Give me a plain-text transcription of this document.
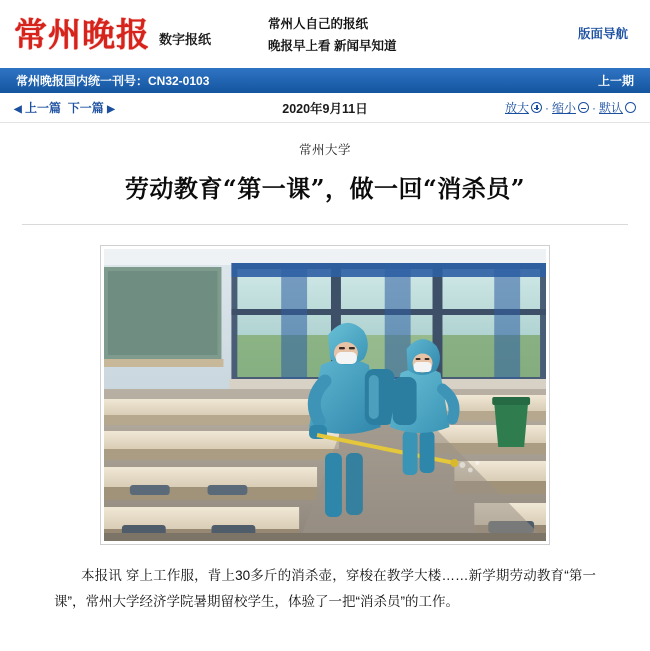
常州晚报 数字报纸
常州人自己的报纸
晚报早上看 新闻早知道
版面导航
常州晚报国内统一刊号：CN32-0103	上一期
◀ 上一篇 下一篇 ▶	2020年9月11日	放大 · 缩小 · 默认
常州大学
劳动教育“第一课”，做一回“消杀员”

本报讯 穿上工作服，背上30多斤的消杀壶，穿梭在教学大楼……新学期劳动教育“第一课”，常州大学经济学院暑期留校学生，体验了一把“消杀员”的工作。
